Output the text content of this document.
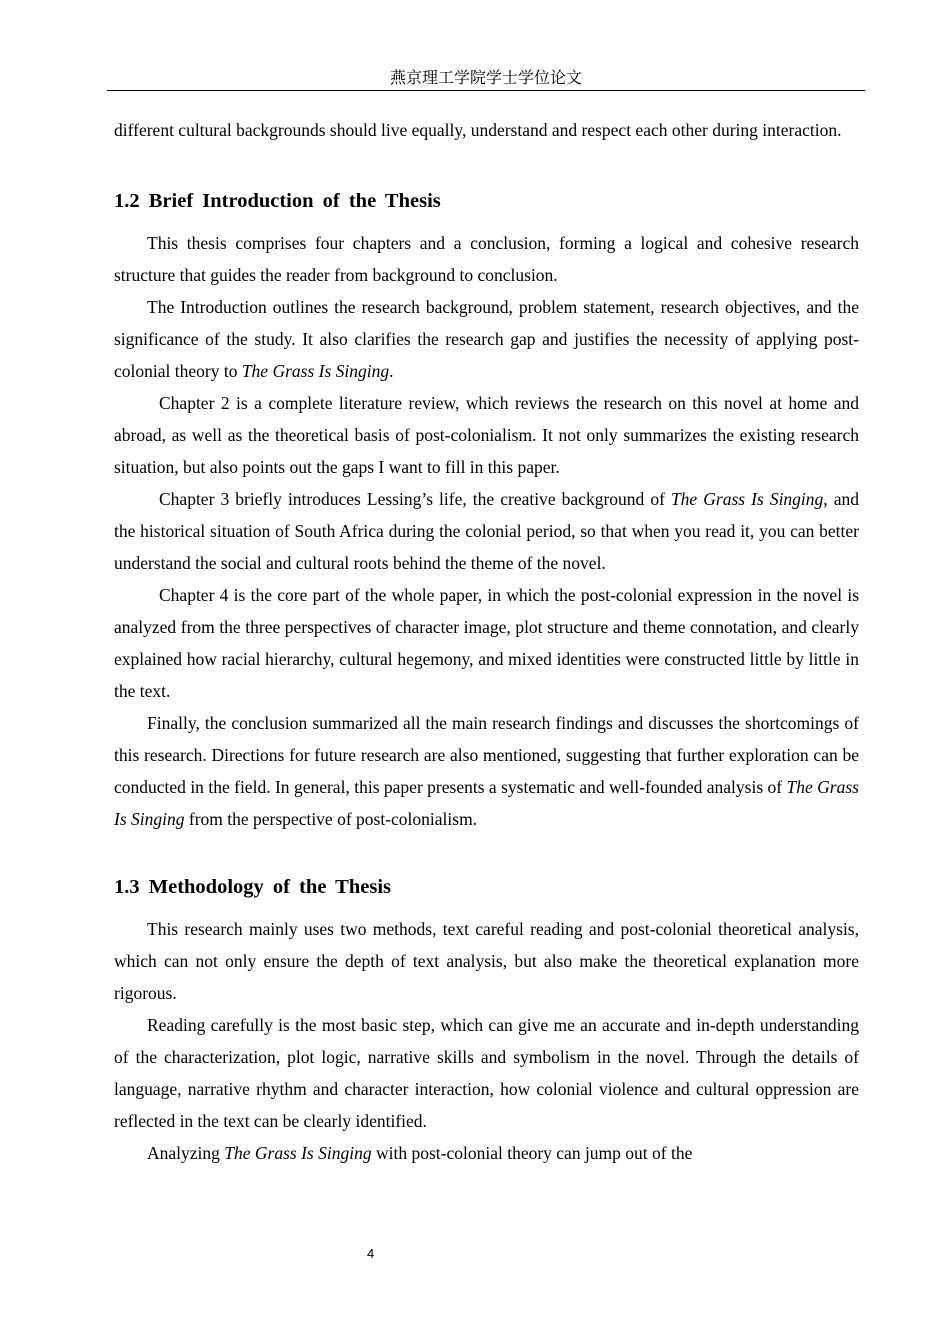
燕京理工学院学士学位论文

different cultural backgrounds should live equally, understand and respect each other during interaction.

1.2 Brief Introduction of the Thesis

This thesis comprises four chapters and a conclusion, forming a logical and cohesive research structure that guides the reader from background to conclusion.

The Introduction outlines the research background, problem statement, research objectives, and the significance of the study. It also clarifies the research gap and justifies the necessity of applying post-colonial theory to The Grass Is Singing.

Chapter 2 is a complete literature review, which reviews the research on this novel at home and abroad, as well as the theoretical basis of post-colonialism. It not only summarizes the existing research situation, but also points out the gaps I want to fill in this paper.

Chapter 3 briefly introduces Lessing’s life, the creative background of The Grass Is Singing, and the historical situation of South Africa during the colonial period, so that when you read it, you can better understand the social and cultural roots behind the theme of the novel.

Chapter 4 is the core part of the whole paper, in which the post-colonial expression in the novel is analyzed from the three perspectives of character image, plot structure and theme connotation, and clearly explained how racial hierarchy, cultural hegemony, and mixed identities were constructed little by little in the text.

Finally, the conclusion summarized all the main research findings and discusses the shortcomings of this research. Directions for future research are also mentioned, suggesting that further exploration can be conducted in the field. In general, this paper presents a systematic and well-founded analysis of The Grass Is Singing from the perspective of post-colonialism.

1.3 Methodology of the Thesis

This research mainly uses two methods, text careful reading and post-colonial theoretical analysis, which can not only ensure the depth of text analysis, but also make the theoretical explanation more rigorous.

Reading carefully is the most basic step, which can give me an accurate and in-depth understanding of the characterization, plot logic, narrative skills and symbolism in the novel. Through the details of language, narrative rhythm and character interaction, how colonial violence and cultural oppression are reflected in the text can be clearly identified.

Analyzing The Grass Is Singing with post-colonial theory can jump out of the

4
